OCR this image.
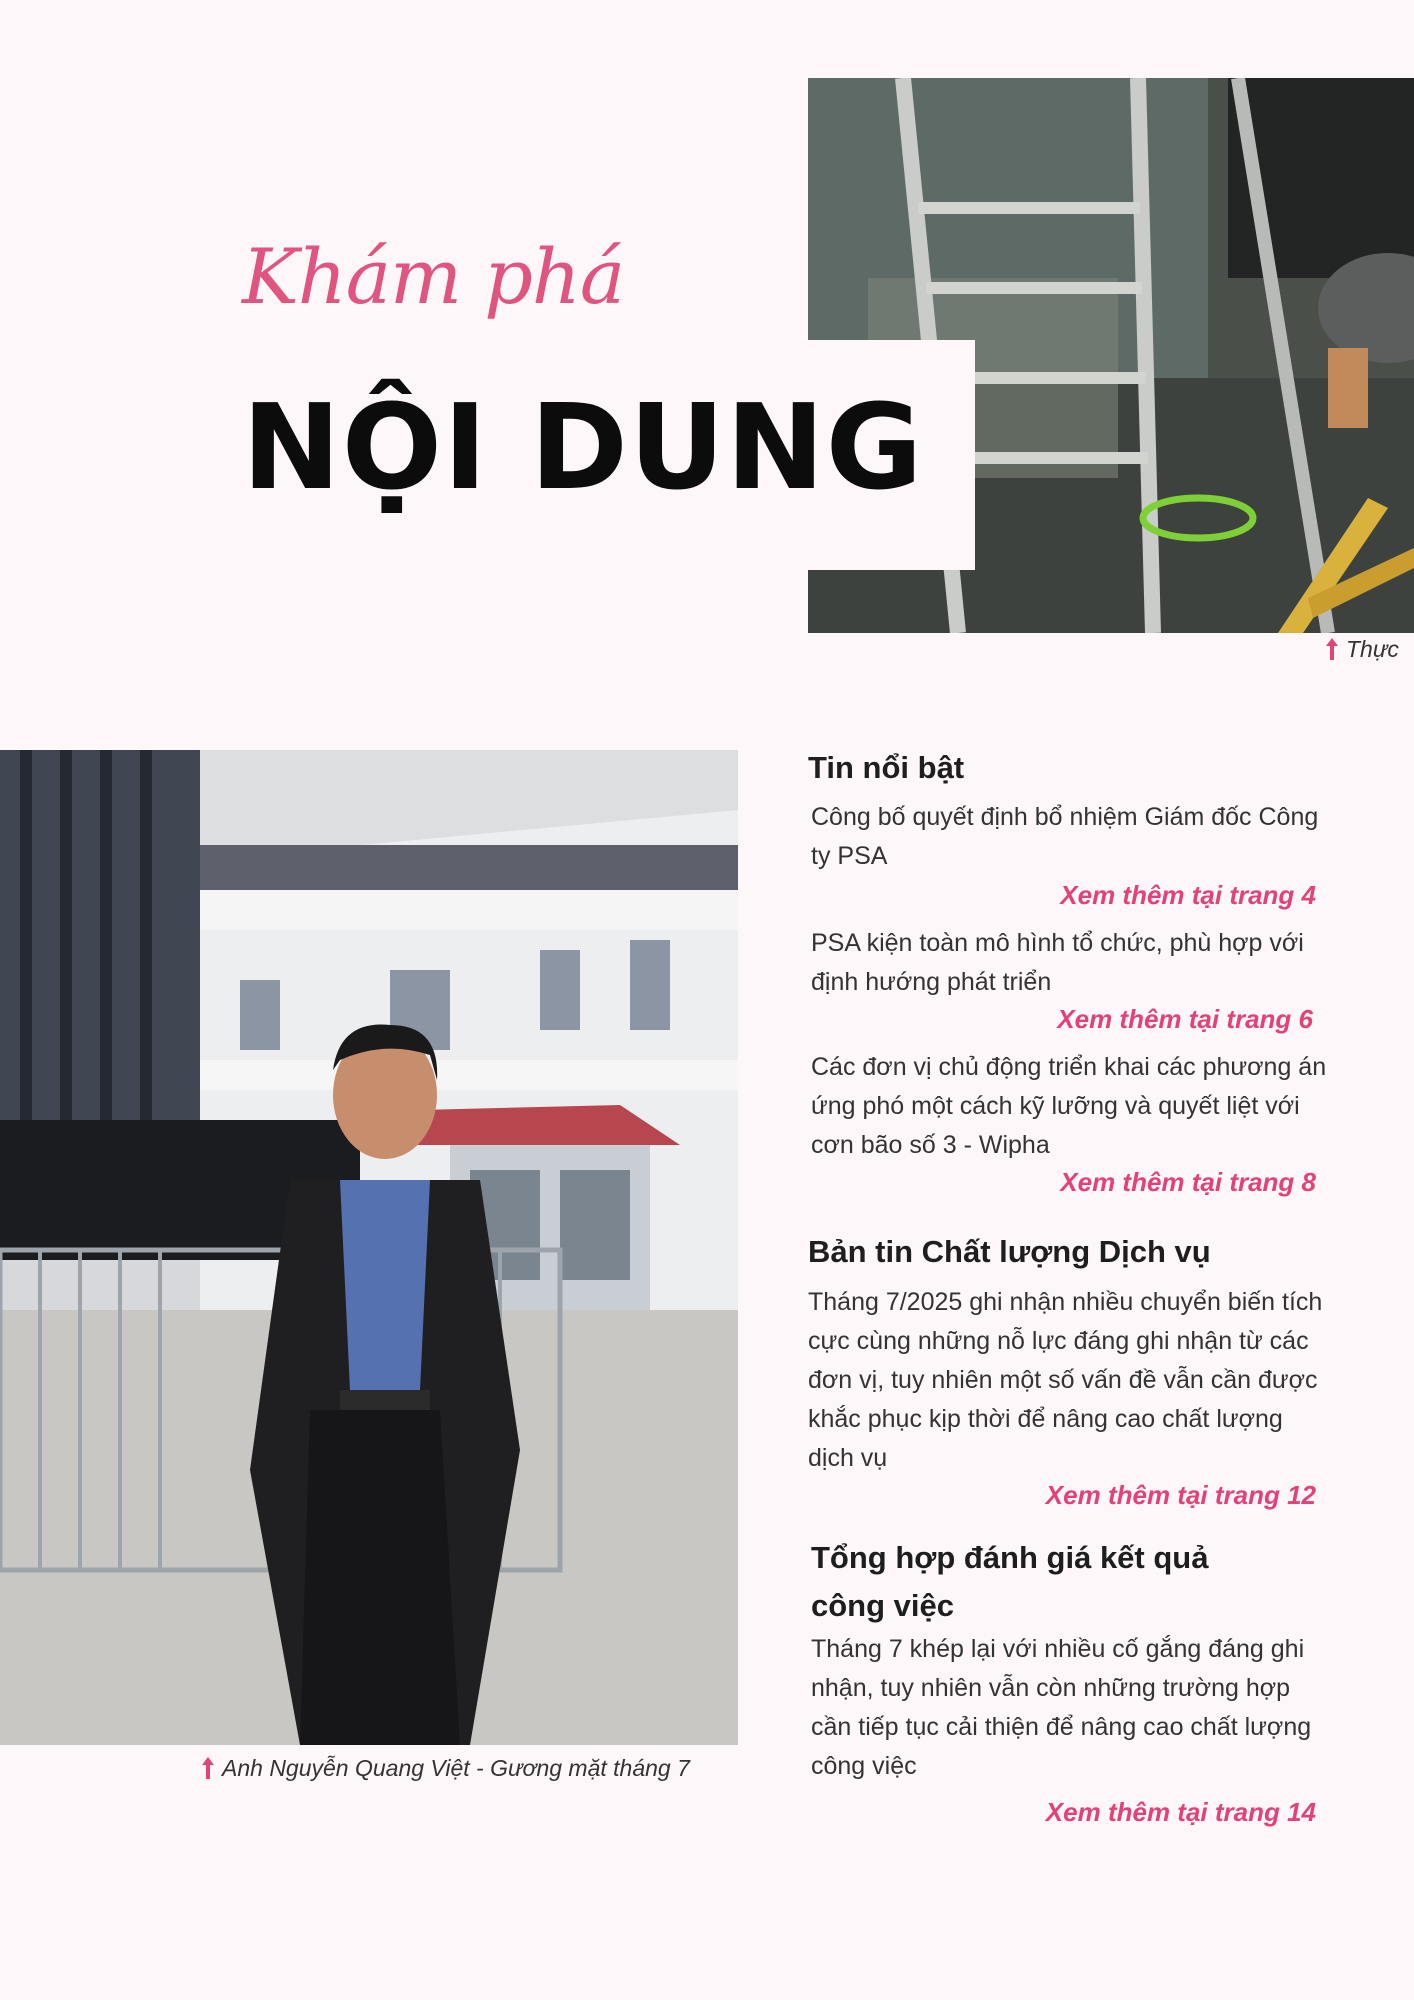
Khám phá
NỘI DUNG
Thực
Anh Nguyễn Quang Việt - Gương mặt tháng 7
Tin nổi bật
Công bố quyết định bổ nhiệm Giám đốc Công ty PSA
Xem thêm tại trang 4
PSA kiện toàn mô hình tổ chức, phù hợp với định hướng phát triển
Xem thêm tại trang 6
Các đơn vị chủ động triển khai các phương án ứng phó một cách kỹ lưỡng và quyết liệt với cơn bão số 3 - Wipha
Xem thêm tại trang 8
Bản tin Chất lượng Dịch vụ
Tháng 7/2025 ghi nhận nhiều chuyển biến tích cực cùng những nỗ lực đáng ghi nhận từ các đơn vị, tuy nhiên một số vấn đề vẫn cần được khắc phục kịp thời để nâng cao chất lượng dịch vụ
Xem thêm tại trang 12
Tổng hợp đánh giá kết quả công việc
Tháng 7 khép lại với nhiều cố gắng đáng ghi nhận, tuy nhiên vẫn còn những trường hợp cần tiếp tục cải thiện để nâng cao chất lượng công việc
Xem thêm tại trang 14
